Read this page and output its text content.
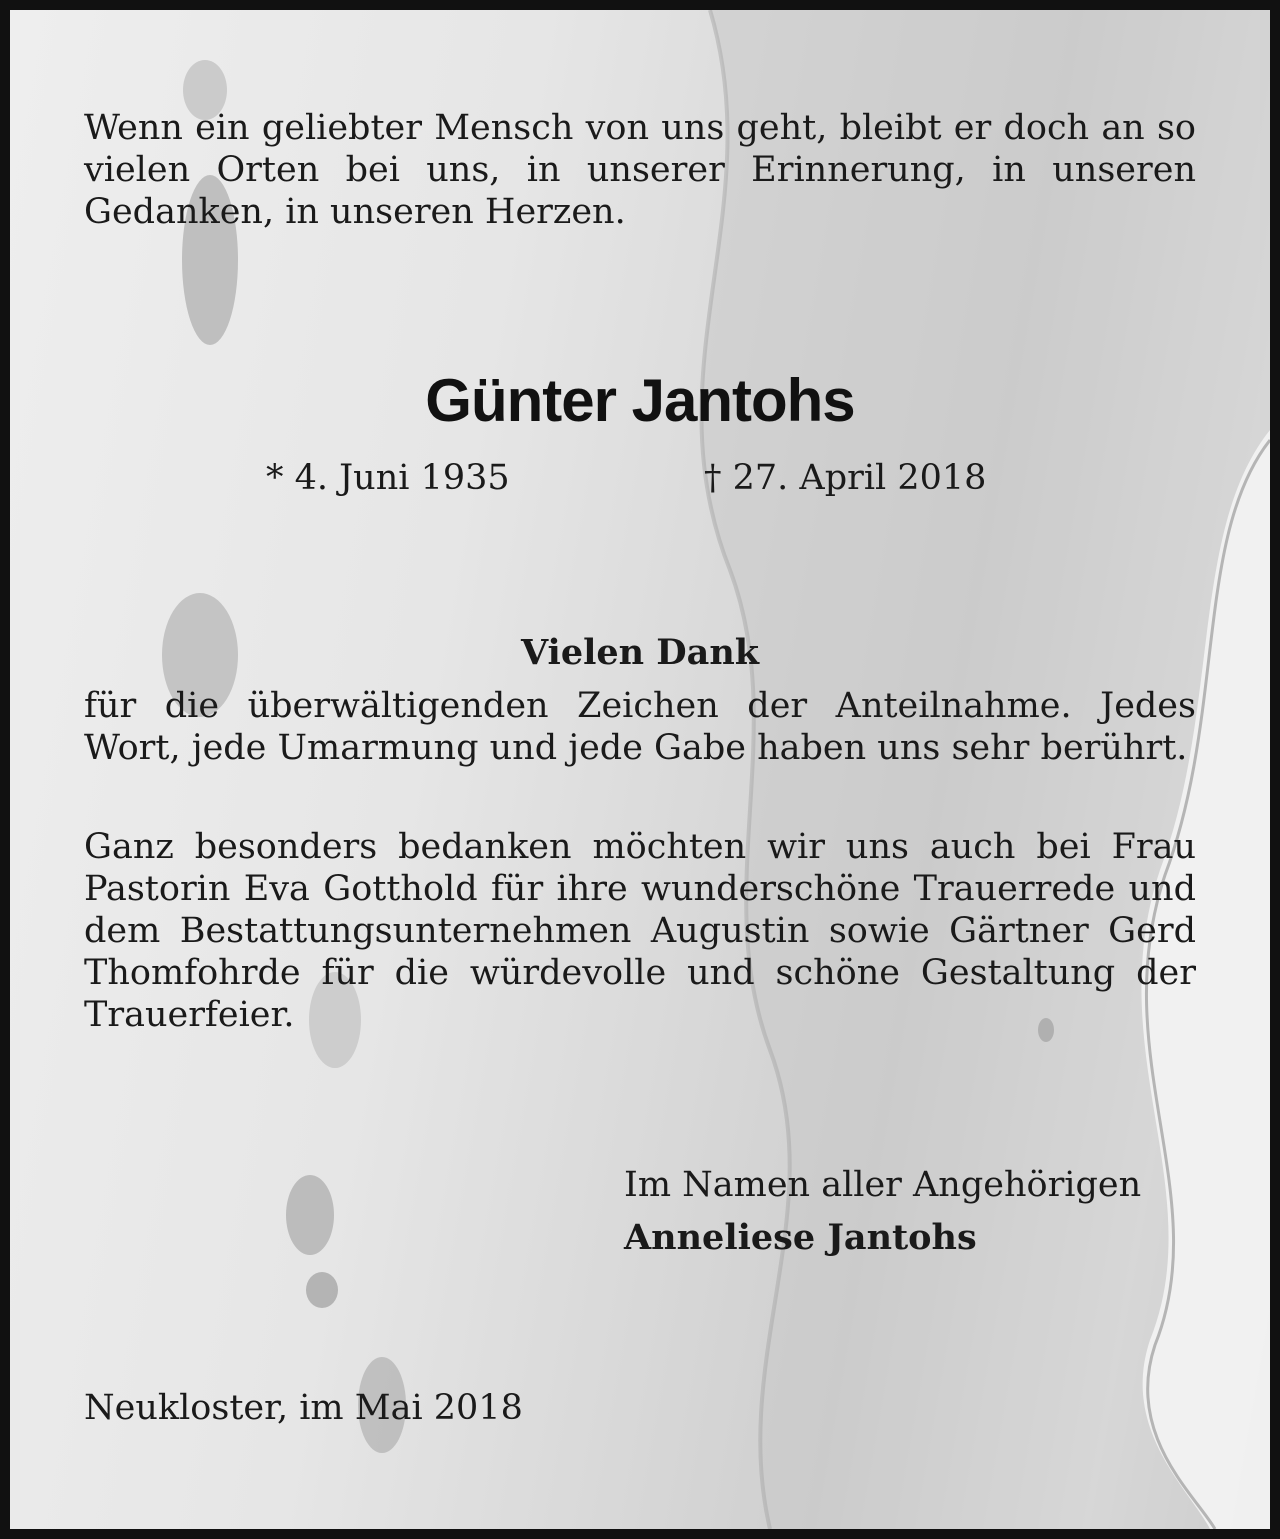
Wenn ein geliebter Mensch von uns geht, bleibt er doch an so vielen Orten bei uns, in unserer Erinnerung, in unseren Gedanken, in unseren Herzen.

Günter Jantohs
* 4. Juni 1935	† 27. April 2018
Vielen Dank

für die überwältigenden Zeichen der Anteilnahme. Jedes Wort, jede Umarmung und jede Gabe haben uns sehr berührt.

Ganz besonders bedanken möchten wir uns auch bei Frau Pastorin Eva Gotthold für ihre wunderschöne Trauerrede und dem Bestattungsunternehmen Augustin sowie Gärtner Gerd Thomfohrde für die würdevolle und schöne Gestaltung der Trauerfeier.

Im Namen aller Angehörigen
Anneliese Jantohs
Neukloster, im Mai 2018
